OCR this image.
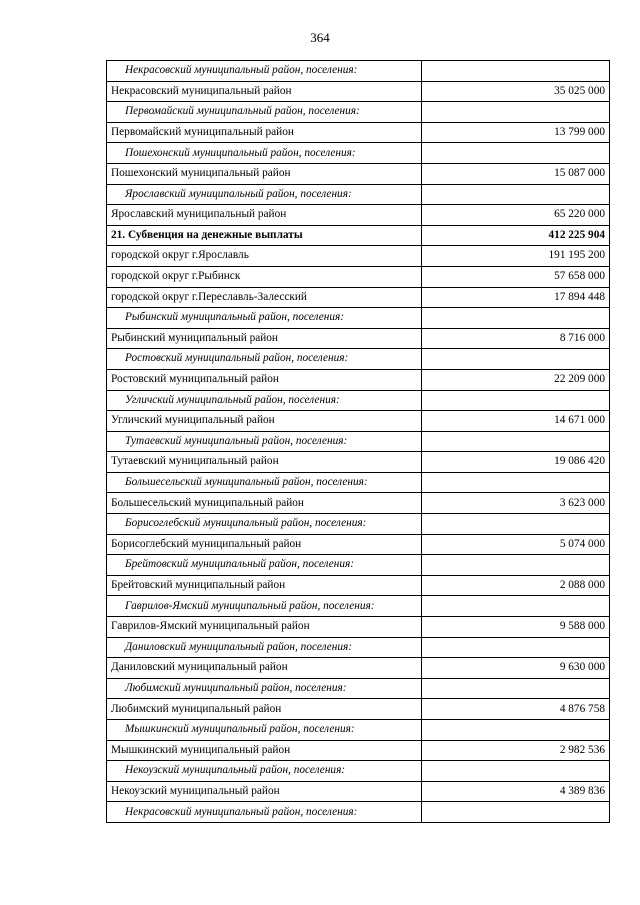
364
Некрасовский муниципальный район, поселения:	
Некрасовский муниципальный район	35 025 000
Первомайский муниципальный район, поселения:	
Первомайский муниципальный район	13 799 000
Пошехонский муниципальный район, поселения:	
Пошехонский муниципальный район	15 087 000
Ярославский муниципальный район, поселения:	
Ярославский муниципальный район	65 220 000
21. Субвенция на денежные выплаты	412 225 904
городской округ г.Ярославль	191 195 200
городской округ г.Рыбинск	57 658 000
городской округ г.Переславль-Залесский	17 894 448
Рыбинский муниципальный район, поселения:	
Рыбинский муниципальный район	8 716 000
Ростовский муниципальный район, поселения:	
Ростовский муниципальный район	22 209 000
Угличский муниципальный район, поселения:	
Угличский муниципальный район	14 671 000
Тутаевский муниципальный район, поселения:	
Тутаевский муниципальный район	19 086 420
Большесельский муниципальный район, поселения:	
Большесельский муниципальный район	3 623 000
Борисоглебский муниципальный район, поселения:	
Борисоглебский муниципальный район	5 074 000
Брейтовский муниципальный район, поселения:	
Брейтовский муниципальный район	2 088 000
Гаврилов-Ямский муниципальный район, поселения:	
Гаврилов-Ямский муниципальный район	9 588 000
Даниловский муниципальный район, поселения:	
Даниловский муниципальный район	9 630 000
Любимский муниципальный район, поселения:	
Любимский муниципальный район	4 876 758
Мышкинский муниципальный район, поселения:	
Мышкинский муниципальный район	2 982 536
Некоузский муниципальный район, поселения:	
Некоузский муниципальный район	4 389 836
Некрасовский муниципальный район, поселения:	
